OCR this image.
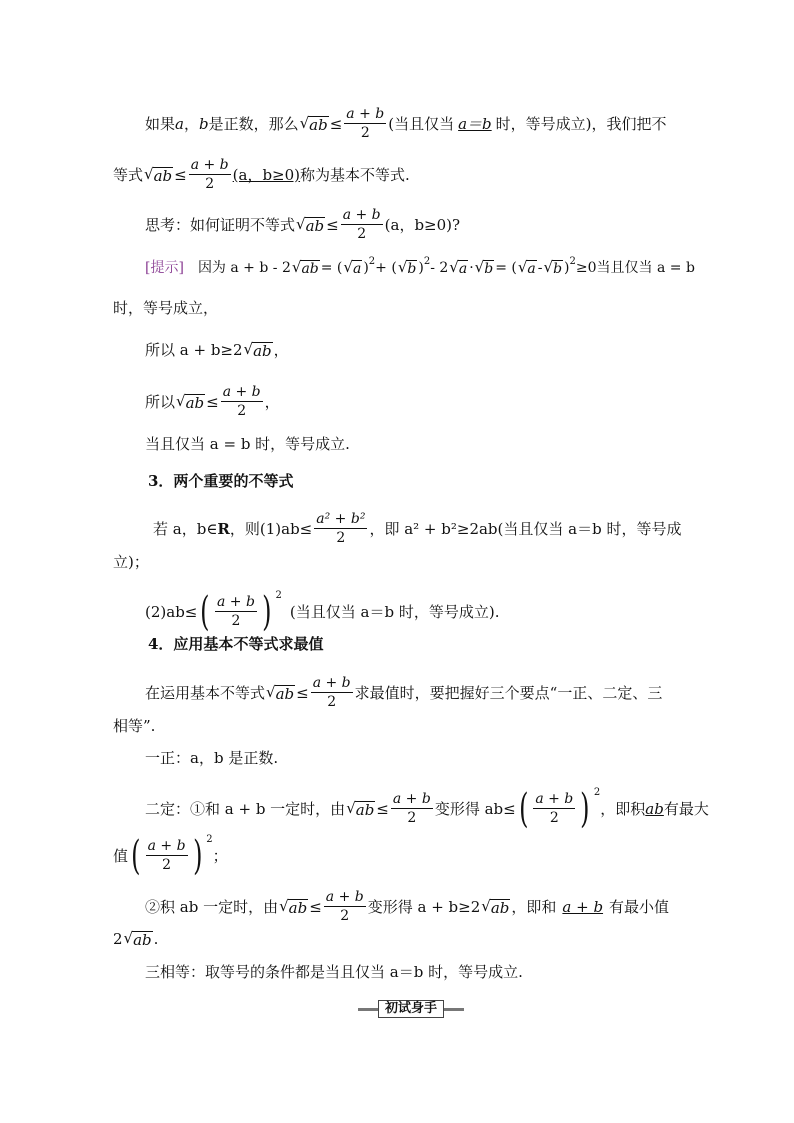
如果 a ， b 是正数，那么 √ ab ≤ $\frac{a + b}{2}$ (当且仅当 a＝b 时，等号成立)，我们把不
等式 √ ab ≤ $\frac{a + b}{2} (a$，b≥0) 称为基本不等式.
思考：如何证明不等式 √ ab ≤ $\frac{a + b}{2} (a$，b≥0)?
[提示] 因为 a + b - 2 √ ab = ( √ a ) 2 + ( √ b ) 2 - 2 √ a · √ b = ( √ a - √ b ) 2 ≥0当且仅当 a = b
时，等号成立，
所以 a + b≥2 √ ab ，
所以 √ ab ≤ $\frac{a + b}{2}$ ，
当且仅当 a = b 时，等号成立.
3．两个重要的不等式
若 a，b∈ R ，则$(1)ab\le \frac{\text{a² + b²}}{2}$ ，即 a² + b²≥2ab(当且仅当 a＝b 时，等号成
立)；
(2)ab≤ ( $\frac{a + b}{2}$ ) 2
(当且仅当 a＝b 时，等号成立).
4．应用基本不等式求最值
在运用基本不等式 √ ab ≤ $\frac{a + b}{2}$ 求最值时，要把握好三个要点“一正、二定、三
相等”.
一正：a，b 是正数.
二定：①和 a + b 一定时，由 √ ab ≤ $\frac{a + b}{2}$ 变形得 ab≤ ( $\frac{a + b}{2}$ ) 2
，即积 ab 有最大
值 ( $\frac{a + b}{2}$ ) 2
；
②积 ab 一定时，由 √ ab ≤ $\frac{a + b}{2}$ 变形得 a + b≥2 √ ab ，即和 a + b 有最小值
2 √ ab .
三相等：取等号的条件都是当且仅当 a＝b 时，等号成立.
初试身手
